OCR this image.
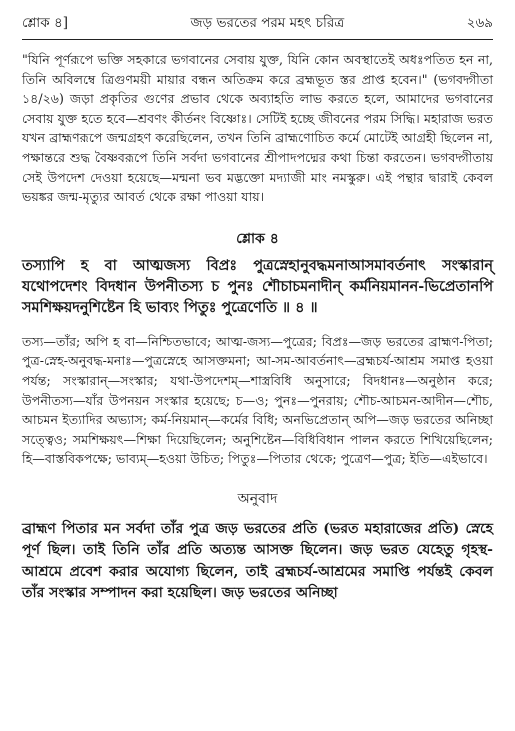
শ্লোক ৪]	জড় ভরতের পরম মহৎ চরিত্র	২৬৯

"যিনি পূর্ণরূপে ভক্তি সহকারে ভগবানের সেবায় যুক্ত, যিনি কোন অবস্থাতেই অধঃপতিত হন না, তিনি অবিলম্বে ত্রিগুণময়ী মায়ার বন্ধন অতিক্রম করে ব্রহ্মভূত স্তর প্রাপ্ত হবেন।" (ভগবদ্গীতা ১৪/২৬) জড়া প্রকৃতির গুণের প্রভাব থেকে অব্যাহতি লাভ করতে হলে, আমাদের ভগবানের সেবায় যুক্ত হতে হবে—শ্রবণং কীর্তনং বিষ্ণোঃ। সেটিই হচ্ছে জীবনের পরম সিদ্ধি। মহারাজ ভরত যখন ব্রাহ্মণরূপে জন্মগ্রহণ করেছিলেন, তখন তিনি ব্রাহ্মণোচিত কর্মে মোটেই আগ্রহী ছিলেন না, পক্ষান্তরে শুদ্ধ বৈষ্ণবরূপে তিনি সর্বদা ভগবানের শ্রীপাদপদ্মের কথা চিন্তা করতেন। ভগবদ্গীতায় সেই উপদেশ দেওয়া হয়েছে—মন্মনা ভব মদ্ভক্তো মদ্যাজী মাং নমস্কুরু। এই পন্থার দ্বারাই কেবল ভয়ঙ্কর জন্ম-মৃত্যুর আবর্ত থেকে রক্ষা পাওয়া যায়।

শ্লোক ৪

তস্যাপি হ বা আত্মজস্য বিপ্রঃ পুত্রস্নেহানুবদ্ধমনাআসমাবর্তনাৎ সংস্কারান্ যথোপদেশং বিদধান উপনীতস্য চ পুনঃ শৌচাচমনাদীন্ কর্মনিয়মানন-ভিপ্রেতানপি সমশিক্ষয়দনুশিষ্টেন হি ভাব্যং পিতুঃ পুত্রেণেতি ॥ ৪ ॥

তস্য—তাঁর; অপি হ বা—নিশ্চিতভাবে; আত্ম-জস্য—পুত্রের; বিপ্রঃ—জড় ভরতের ব্রাহ্মণ-পিতা; পুত্র-স্নেহ-অনুবদ্ধ-মনাঃ—পুত্রস্নেহে আসক্তমনা; আ-সম-আবর্তনাৎ—ব্রহ্মচর্য-আশ্রম সমাপ্ত হওয়া পর্যন্ত; সংস্কারান্—সংস্কার; যথা-উপদেশম্—শাস্ত্রবিধি অনুসারে; বিদধানঃ—অনুষ্ঠান করে; উপনীতস্য—যাঁর উপনয়ন সংস্কার হয়েছে; চ—ও; পুনঃ—পুনরায়; শৌচ-আচমন-আদীন—শৌচ, আচমন ইত্যাদির অভ্যাস; কর্ম-নিয়মান্—কর্মের বিধি; অনভিপ্রেতান্ অপি—জড় ভরতের অনিচ্ছা সত্ত্বেও; সমশিক্ষয়ৎ—শিক্ষা দিয়েছিলেন; অনুশিষ্টেন—বিধিবিধান পালন করতে শিখিয়েছিলেন; হি—বাস্তবিকপক্ষে; ভাব্যম্—হওয়া উচিত; পিতুঃ—পিতার থেকে; পুত্রেণ—পুত্র; ইতি—এইভাবে।

অনুবাদ

ব্রাহ্মণ পিতার মন সর্বদা তাঁর পুত্র জড় ভরতের প্রতি (ভরত মহারাজের প্রতি) স্নেহে পূর্ণ ছিল। তাই তিনি তাঁর প্রতি অত্যন্ত আসক্ত ছিলেন। জড় ভরত যেহেতু গৃহস্থ-আশ্রমে প্রবেশ করার অযোগ্য ছিলেন, তাই ব্রহ্মচর্য-আশ্রমের সমাপ্তি পর্যন্তই কেবল তাঁর সংস্কার সম্পাদন করা হয়েছিল। জড় ভরতের অনিচ্ছা
